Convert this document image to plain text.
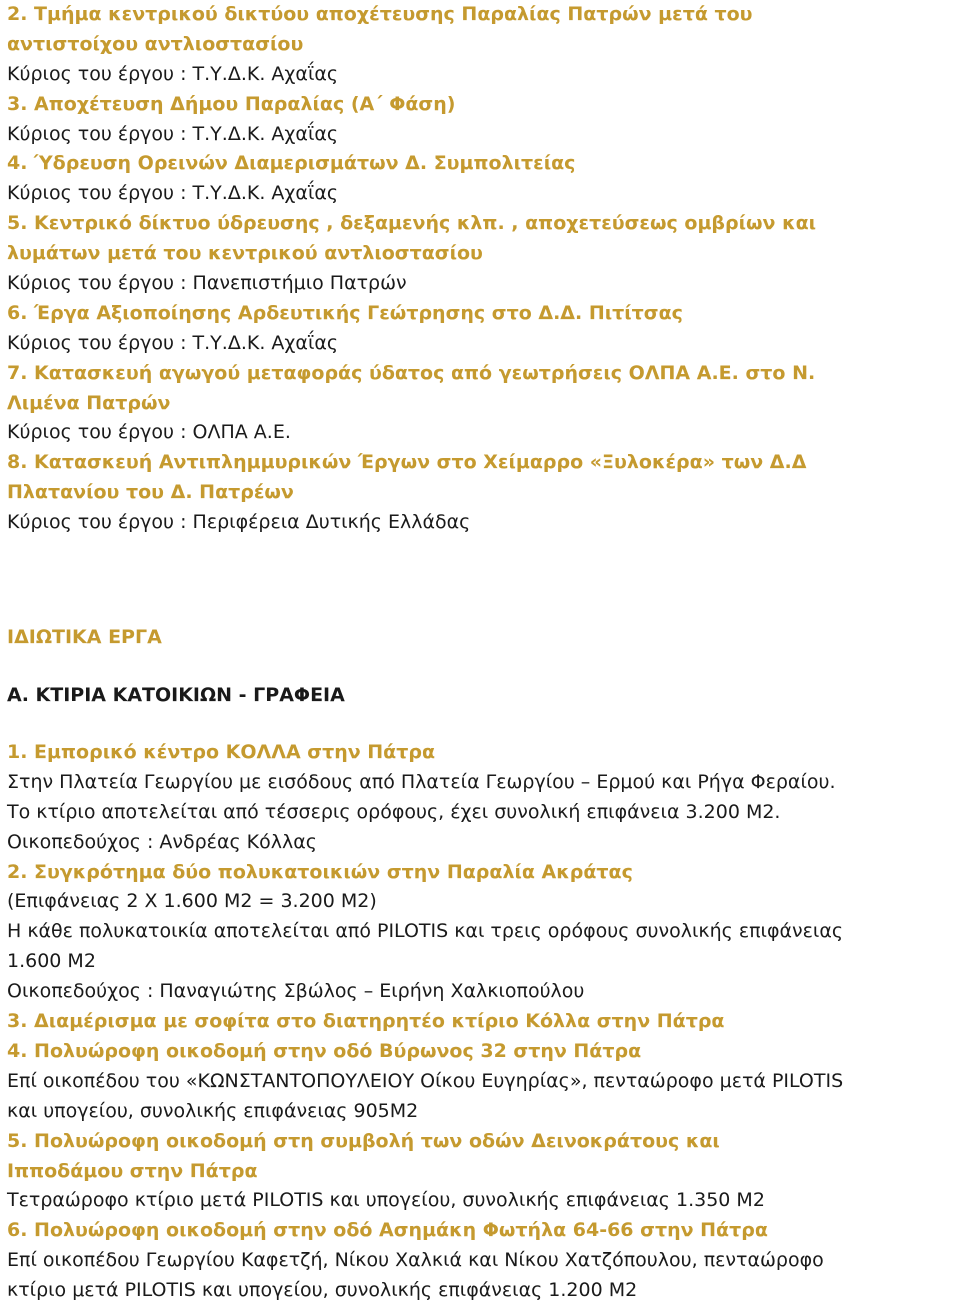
2. Τμήμα κεντρικού δικτύου αποχέτευσης Παραλίας Πατρών μετά του
αντιστοίχου αντλιοστασίου
Κύριος του έργου : Τ.Υ.Δ.Κ. Αχαΐας
3. Αποχέτευση Δήμου Παραλίας (Α΄ Φάση)
Κύριος του έργου : Τ.Υ.Δ.Κ. Αχαΐας
4. Ύδρευση Ορεινών Διαμερισμάτων Δ. Συμπολιτείας
Κύριος του έργου : Τ.Υ.Δ.Κ. Αχαΐας
5. Κεντρικό δίκτυο ύδρευσης , δεξαμενής κλπ. , αποχετεύσεως ομβρίων και
λυμάτων μετά του κεντρικού αντλιοστασίου
Κύριος του έργου : Πανεπιστήμιο Πατρών
6. Έργα Αξιοποίησης Αρδευτικής Γεώτρησης στο Δ.Δ. Πιτίτσας
Κύριος του έργου : Τ.Υ.Δ.Κ. Αχαΐας
7. Κατασκευή αγωγού μεταφοράς ύδατος από γεωτρήσεις ΟΛΠΑ Α.Ε. στο Ν.
Λιμένα Πατρών
Κύριος του έργου : ΟΛΠΑ Α.Ε.
8. Κατασκευή Αντιπλημμυρικών Έργων στο Χείμαρρο «Ξυλοκέρα» των Δ.Δ
Πλατανίου του Δ. Πατρέων
Κύριος του έργου : Περιφέρεια Δυτικής Ελλάδας
ΙΔΙΩΤΙΚΑ ΕΡΓΑ
Α. ΚΤΙΡΙΑ ΚΑΤΟΙΚΙΩΝ - ΓΡΑΦΕΙΑ
1. Εμπορικό κέντρο ΚΟΛΛΑ στην Πάτρα
Στην Πλατεία Γεωργίου με εισόδους από Πλατεία Γεωργίου – Ερμού και Ρήγα Φεραίου.
Το κτίριο αποτελείται από τέσσερις ορόφους, έχει συνολική επιφάνεια 3.200 Μ2.
Οικοπεδούχος : Ανδρέας Κόλλας
2. Συγκρότημα δύο πολυκατοικιών στην Παραλία Ακράτας
(Επιφάνειας 2 Χ 1.600 Μ2 = 3.200 Μ2)
Η κάθε πολυκατοικία αποτελείται από PILOTIS και τρεις ορόφους συνολικής επιφάνειας
1.600 Μ2
Οικοπεδούχος : Παναγιώτης Σβώλος – Ειρήνη Χαλκιοπούλου
3. Διαμέρισμα με σοφίτα στο διατηρητέο κτίριο Κόλλα στην Πάτρα
4. Πολυώροφη οικοδομή στην οδό Βύρωνος 32 στην Πάτρα
Επί οικοπέδου του «ΚΩΝΣΤΑΝΤΟΠΟΥΛΕΙΟΥ Οίκου Ευγηρίας», πενταώροφο μετά PILOTIS
και υπογείου, συνολικής επιφάνειας 905Μ2
5. Πολυώροφη οικοδομή στη συμβολή των οδών Δεινοκράτους και
Ιπποδάμου στην Πάτρα
Τετραώροφο κτίριο μετά PILOTIS και υπογείου, συνολικής επιφάνειας 1.350 Μ2
6. Πολυώροφη οικοδομή στην οδό Ασημάκη Φωτήλα 64-66 στην Πάτρα
Επί οικοπέδου Γεωργίου Καφετζή, Νίκου Χαλκιά και Νίκου Χατζόπουλου, πενταώροφο
κτίριο μετά PILOTIS και υπογείου, συνολικής επιφάνειας 1.200 Μ2
